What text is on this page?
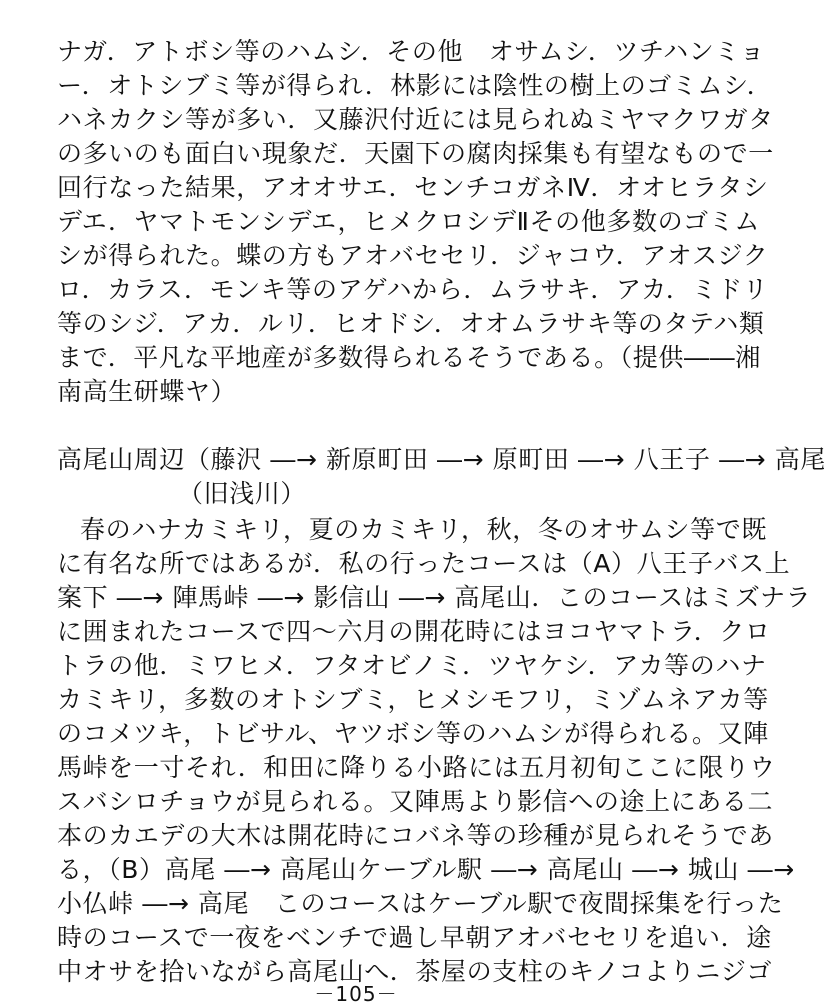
ナガ．アトボシ等のハムシ．その他　オサムシ．ツチハンミョ
ー．オトシブミ等が得られ．林影には陰性の樹上のゴミムシ．
ハネカクシ等が多い．又藤沢付近には見られぬミヤマクワガタ
の多いのも面白い現象だ．天園下の腐肉採集も有望なもので一
回行なった結果，アオオサエ．センチコガネⅣ．オオヒラタシ
デエ．ヤマトモンシデエ，ヒメクロシデⅡその他多数のゴミム
シが得られた。蝶の方もアオバセセリ．ジャコウ．アオスジク
ロ．カラス．モンキ等のアゲハから．ムラサキ．アカ．ミドリ
等のシジ．アカ．ルリ．ヒオドシ．オオムラサキ等のタテハ類
まで．平凡な平地産が多数得られるそうである。（提供――湘
南高生研蝶ヤ）
高尾山周辺（藤沢 ―→ 新原町田 ―→ 原町田 ―→ 八王子 ―→ 高尾
（旧浅川）
春のハナカミキリ，夏のカミキリ，秋，冬のオサムシ等で既
に有名な所ではあるが．私の行ったコースは（A）八王子バス上
案下 ―→ 陣馬峠 ―→ 影信山 ―→ 高尾山．このコースはミズナラ
に囲まれたコースで四～六月の開花時にはヨコヤマトラ．クロ
トラの他．ミワヒメ．フタオビノミ．ツヤケシ．アカ等のハナ
カミキリ，多数のオトシブミ，ヒメシモフリ，ミゾムネアカ等
のコメツキ，トビサル、ヤツボシ等のハムシが得られる。又陣
馬峠を一寸それ．和田に降りる小路には五月初旬ここに限りウ
スバシロチョウが見られる。又陣馬より影信への途上にある二
本のカエデの大木は開花時にコバネ等の珍種が見られそうであ
る，（B）高尾 ―→ 高尾山ケーブル駅 ―→ 高尾山 ―→ 城山 ―→
小仏峠 ―→ 高尾　このコースはケーブル駅で夜間採集を行った
時のコースで一夜をベンチで過し早朝アオバセセリを追い．途
中オサを拾いながら高尾山へ．茶屋の支柱のキノコよりニジゴ
－105－
